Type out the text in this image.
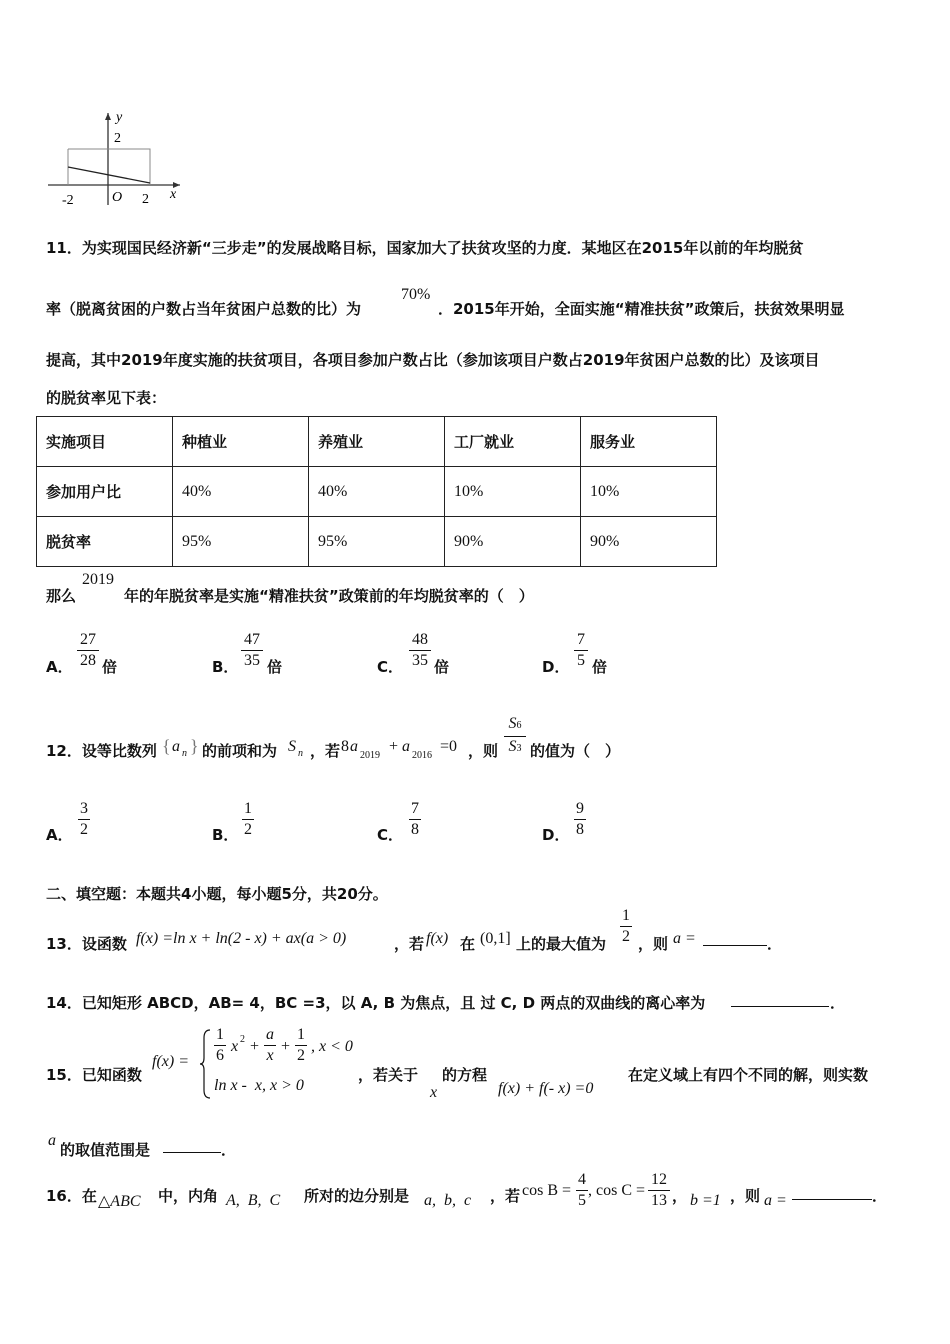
y
2
-2	O 2 x
11．为实现国民经济新“三步走”的发展战略目标，国家加大了扶贫攻坚的力度．某地区在2015年以前的年均脱贫
率（脱离贫困的户数占当年贫困户总数的比）为
70%
．2015年开始，全面实施“精准扶贫”政策后，扶贫效果明显
提高，其中2019年度实施的扶贫项目，各项目参加户数占比（参加该项目户数占2019年贫困户总数的比）及该项目
的脱贫率见下表：
实施项目	种植业	养殖业	工厂就业	服务业
参加用户比	40%	40%	10%	10%
脱贫率	95%	95%	90%	90%
那么
2019
年的年脱贫率是实施“精准扶贫”政策前的年均脱贫率的（　）
A．
27
28 倍	B．
47
35 倍	C．
48
35 倍	D．
7
5 倍
12．设等比数列 { a n } 的前项和为 S n ，若 8 a
2019
+ a
2016
=0 ，则
S6
S3 的值为（　）
A．
3
2	B．
1
2	C．
7
8	D．
9
8
二、填空题：本题共4小题，每小题5分，共20分。
13．设函数 f(x) =ln x + ln(2 - x) + ax(a > 0)	，若 f(x) 在 (0,1] 上的最大值为
1
2 ，则 a =	．
14．已知矩形 ABCD，AB= 4，BC =3，以 A, B 为焦点，且 过 C, D 两点的双曲线的离心率为	．
15．已知函数
f(x) =
1
6
x 2 +
a
x
+
1
2
, x < 0
ln x -  x, x > 0
，若关于
x
的方程
f(x) + f(- x) =0
在定义域上有四个不同的解，则实数
a
的取值范围是	．
16．在 △ABC 中，内角 A,  B,  C 所对的边分别是 a,  b,  c ，若 cos B =
4
5
, cos C =
12
13 ， b =1 ，则 a =	．
